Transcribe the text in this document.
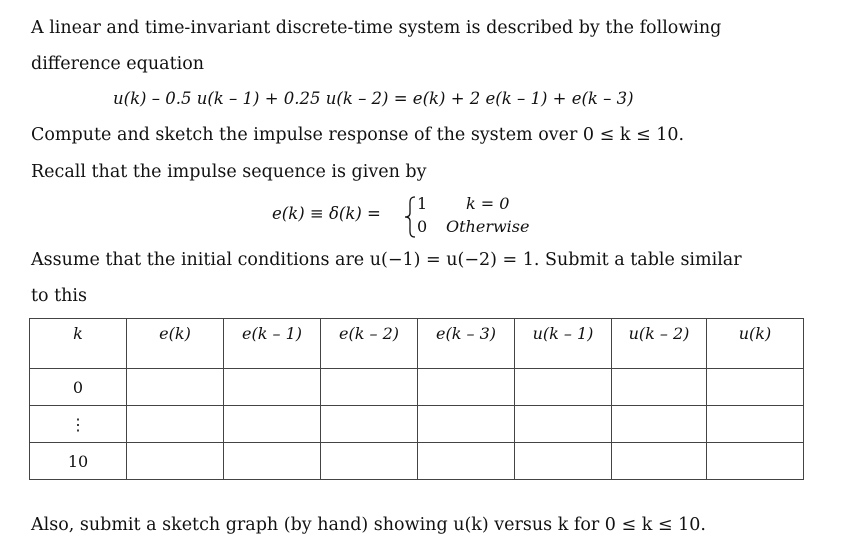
A linear and time-invariant discrete-time system is described by the following
difference equation
u(k) – 0.5 u(k – 1) + 0.25 u(k – 2) = e(k) + 2 e(k – 1) + e(k – 3)
Compute and sketch the impulse response of the system over 0 ≤ k ≤ 10.
Recall that the impulse sequence is given by
e(k) ≡ δ(k) =
1 k = 0
0 Otherwise
Assume that the initial conditions are u(−1) = u(−2) = 1. Submit a table similar
to this
k	e(k)	e(k – 1)	e(k – 2)	e(k – 3)	u(k – 1)	u(k – 2)	u(k)
0							
⋮							
10							
Also, submit a sketch graph (by hand) showing u(k) versus k for 0 ≤ k ≤ 10.
